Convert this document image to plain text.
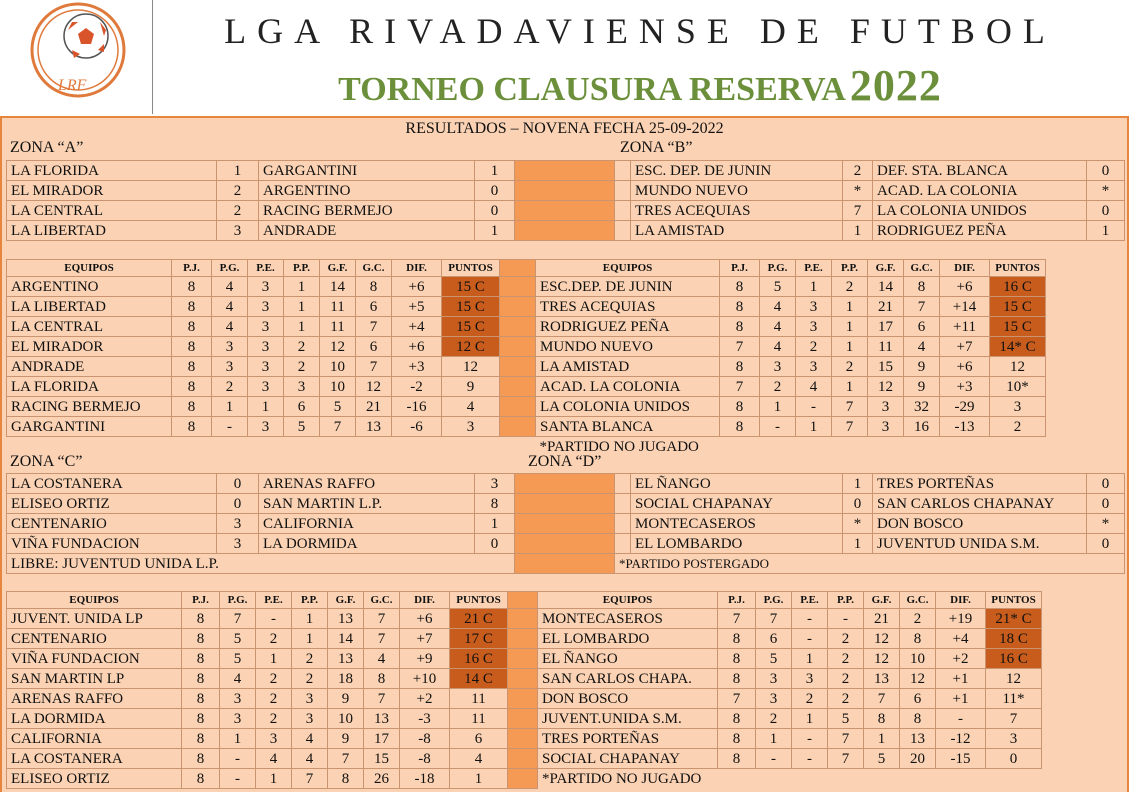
LRF
LGA RIVADAVIENSE DE FUTBOL
TORNEO CLAUSURA RESERVA 2022
RESULTADOS – NOVENA FECHA 25-09-2022
ZONA “A”	ZONA “B”
LA FLORIDA	1	GARGANTINI	1			ESC. DEP. DE JUNIN	2	DEF. STA. BLANCA	0
EL MIRADOR	2	ARGENTINO	0			MUNDO NUEVO	*	ACAD. LA COLONIA	*
LA CENTRAL	2	RACING BERMEJO	0			TRES ACEQUIAS	7	LA COLONIA UNIDOS	0
LA LIBERTAD	3	ANDRADE	1			LA AMISTAD	1	RODRIGUEZ PEÑA	1
EQUIPOS	P.J.	P.G.	P.E.	P.P.	G.F.	G.C.	DIF.	PUNTOS		EQUIPOS	P.J.	P.G.	P.E.	P.P.	G.F.	G.C.	DIF.	PUNTOS
ARGENTINO	8	4	3	1	14	8	+6	15 C		ESC.DEP. DE JUNIN	8	5	1	2	14	8	+6	16 C
LA LIBERTAD	8	4	3	1	11	6	+5	15 C		TRES ACEQUIAS	8	4	3	1	21	7	+14	15 C
LA CENTRAL	8	4	3	1	11	7	+4	15 C		RODRIGUEZ PEÑA	8	4	3	1	17	6	+11	15 C
EL MIRADOR	8	3	3	2	12	6	+6	12 C		MUNDO NUEVO	7	4	2	1	11	4	+7	14* C
ANDRADE	8	3	3	2	10	7	+3	12		LA AMISTAD	8	3	3	2	15	9	+6	12
LA FLORIDA	8	2	3	3	10	12	-2	9		ACAD. LA COLONIA	7	2	4	1	12	9	+3	10*
RACING BERMEJO	8	1	1	6	5	21	-16	4		LA COLONIA UNIDOS	8	1	-	7	3	32	-29	3
GARGANTINI	8	-	3	5	7	13	-6	3		SANTA BLANCA	8	-	1	7	3	16	-13	2
										*PARTIDO NO JUGADO								
ZONA “C”	ZONA “D”
LA COSTANERA	0	ARENAS RAFFO	3			EL ÑANGO	1	TRES PORTEÑAS	0
ELISEO ORTIZ	0	SAN MARTIN L.P.	8			SOCIAL CHAPANAY	0	SAN CARLOS CHAPANAY	0
CENTENARIO	3	CALIFORNIA	1			MONTECASEROS	*	DON BOSCO	*
VIÑA FUNDACION	3	LA DORMIDA	0			EL LOMBARDO	1	JUVENTUD UNIDA S.M.	0
LIBRE: JUVENTUD UNIDA L.P.					*PARTIDO POSTERGADO				
EQUIPOS	P.J.	P.G.	P.E.	P.P.	G.F.	G.C.	DIF.	PUNTOS		EQUIPOS	P.J.	P.G.	P.E.	P.P.	G.F.	G.C.	DIF.	PUNTOS
JUVENT. UNIDA LP	8	7	-	1	13	7	+6	21 C		MONTECASEROS	7	7	-	-	21	2	+19	21* C
CENTENARIO	8	5	2	1	14	7	+7	17 C		EL LOMBARDO	8	6	-	2	12	8	+4	18 C
VIÑA FUNDACION	8	5	1	2	13	4	+9	16 C		EL ÑANGO	8	5	1	2	12	10	+2	16 C
SAN MARTIN LP	8	4	2	2	18	8	+10	14 C		SAN CARLOS CHAPA.	8	3	3	2	13	12	+1	12
ARENAS RAFFO	8	3	2	3	9	7	+2	11		DON BOSCO	7	3	2	2	7	6	+1	11*
LA DORMIDA	8	3	2	3	10	13	-3	11		JUVENT.UNIDA S.M.	8	2	1	5	8	8	-	7
CALIFORNIA	8	1	3	4	9	17	-8	6		TRES PORTEÑAS	8	1	-	7	1	13	-12	3
LA COSTANERA	8	-	4	4	7	15	-8	4		SOCIAL CHAPANAY	8	-	-	7	5	20	-15	0
ELISEO ORTIZ	8	-	1	7	8	26	-18	1		*PARTIDO NO JUGADO								
